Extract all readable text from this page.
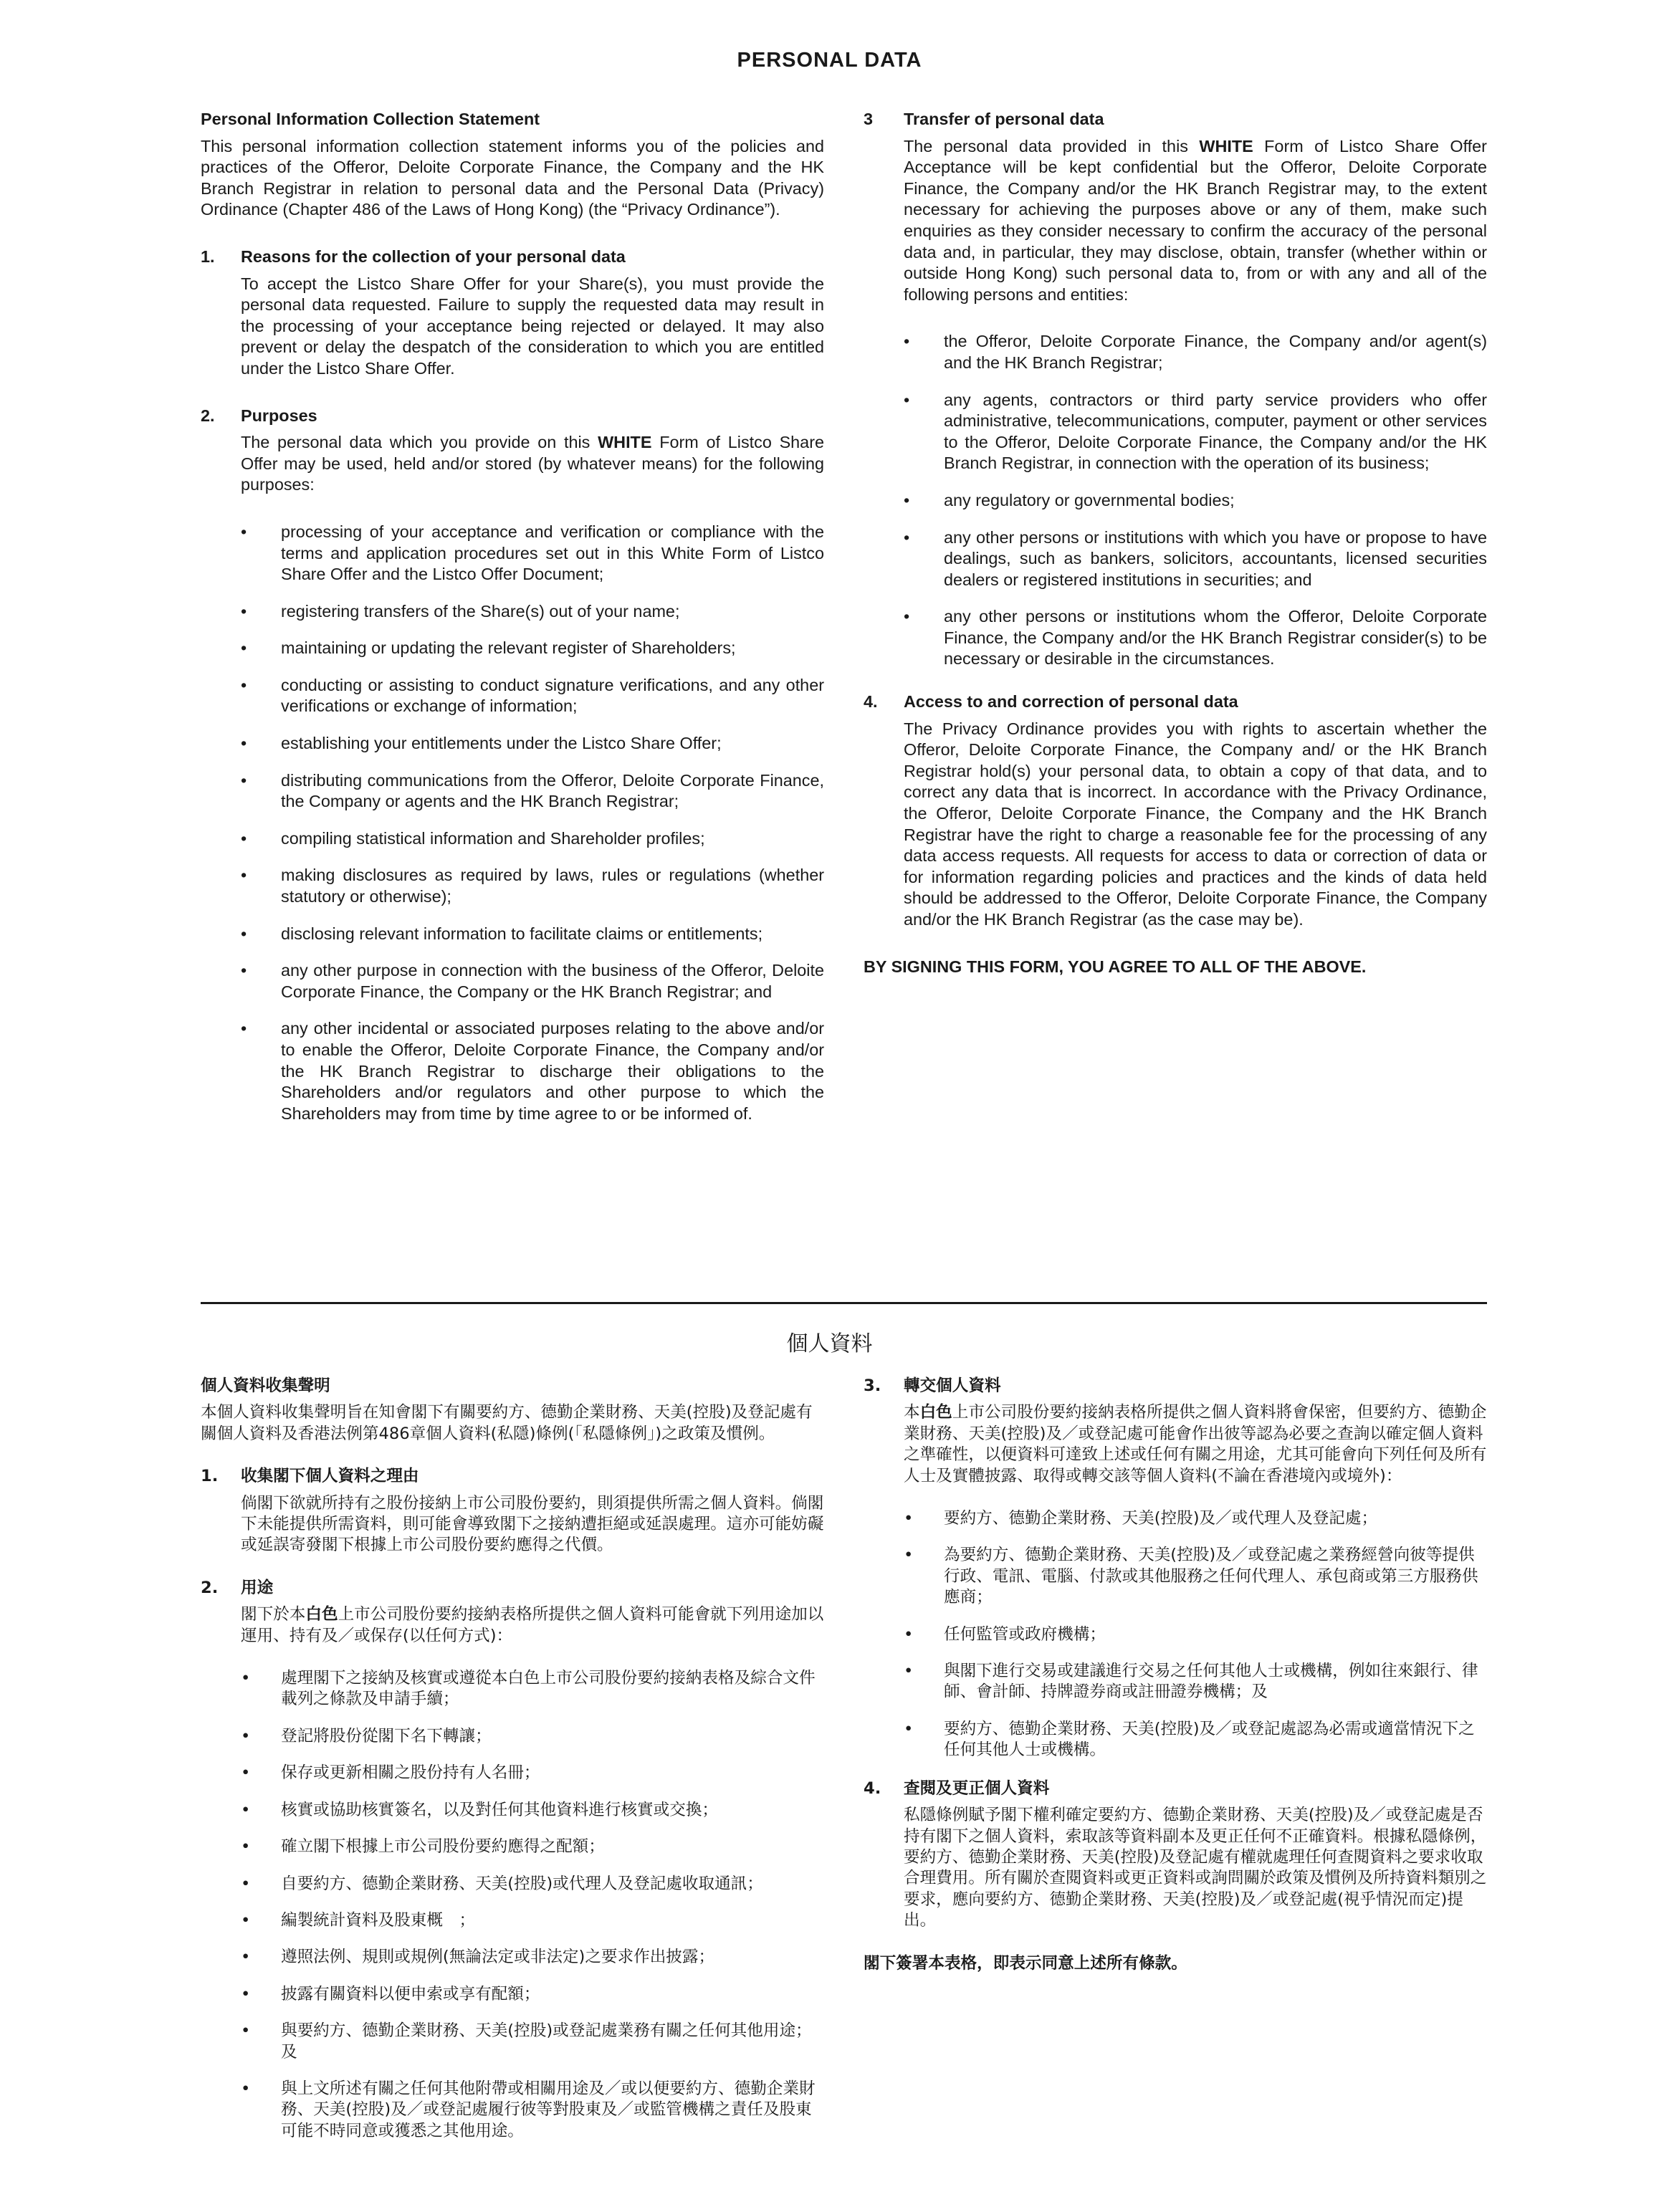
PERSONAL DATA
Personal Information Collection Statement

This personal information collection statement informs you of the policies and practices of the Offeror, Deloite Corporate Finance, the Company and the HK Branch Registrar in relation to personal data and the Personal Data (Privacy) Ordinance (Chapter 486 of the Laws of Hong Kong) (the “Privacy Ordinance”).

1.	Reasons for the collection of your personal data

To accept the Listco Share Offer for your Share(s), you must provide the personal data requested. Failure to supply the requested data may result in the processing of your acceptance being rejected or delayed. It may also prevent or delay the despatch of the consideration to which you are entitled under the Listco Share Offer.

2.	Purposes

The personal data which you provide on this WHITE Form of Listco Share Offer may be used, held and/or stored (by whatever means) for the following purposes:

• processing of your acceptance and verification or compliance with the terms and application procedures set out in this White Form of Listco Share Offer and the Listco Offer Document;
• registering transfers of the Share(s) out of your name;
• maintaining or updating the relevant register of Shareholders;
• conducting or assisting to conduct signature verifications, and any other verifications or exchange of information;
• establishing your entitlements under the Listco Share Offer;
• distributing communications from the Offeror, Deloite Corporate Finance, the Company or agents and the HK Branch Registrar;
• compiling statistical information and Shareholder profiles;
• making disclosures as required by laws, rules or regulations (whether statutory or otherwise);
• disclosing relevant information to facilitate claims or entitlements;
• any other purpose in connection with the business of the Offeror, Deloite Corporate Finance, the Company or the HK Branch Registrar; and
• any other incidental or associated purposes relating to the above and/or to enable the Offeror, Deloite Corporate Finance, the Company and/or the HK Branch Registrar to discharge their obligations to the Shareholders and/or regulators and other purpose to which the Shareholders may from time by time agree to or be informed of.
3	Transfer of personal data

The personal data provided in this WHITE Form of Listco Share Offer Acceptance will be kept confidential but the Offeror, Deloite Corporate Finance, the Company and/or the HK Branch Registrar may, to the extent necessary for achieving the purposes above or any of them, make such enquiries as they consider necessary to confirm the accuracy of the personal data and, in particular, they may disclose, obtain, transfer (whether within or outside Hong Kong) such personal data to, from or with any and all of the following persons and entities:

• the Offeror, Deloite Corporate Finance, the Company and/or agent(s) and the HK Branch Registrar;
• any agents, contractors or third party service providers who offer administrative, telecommunications, computer, payment or other services to the Offeror, Deloite Corporate Finance, the Company and/or the HK Branch Registrar, in connection with the operation of its business;
• any regulatory or governmental bodies;
• any other persons or institutions with which you have or propose to have dealings, such as bankers, solicitors, accountants, licensed securities dealers or registered institutions in securities; and
• any other persons or institutions whom the Offeror, Deloite Corporate Finance, the Company and/or the HK Branch Registrar consider(s) to be necessary or desirable in the circumstances.
4.	Access to and correction of personal data

The Privacy Ordinance provides you with rights to ascertain whether the Offeror, Deloite Corporate Finance, the Company and/ or the HK Branch Registrar hold(s) your personal data, to obtain a copy of that data, and to correct any data that is incorrect. In accordance with the Privacy Ordinance, the Offeror, Deloite Corporate Finance, the Company and the HK Branch Registrar have the right to charge a reasonable fee for the processing of any data access requests. All requests for access to data or correction of data or for information regarding policies and practices and the kinds of data held should be addressed to the Offeror, Deloite Corporate Finance, the Company and/or the HK Branch Registrar (as the case may be).

BY SIGNING THIS FORM, YOU AGREE TO ALL OF THE ABOVE.
個人資料
個人資料收集聲明

本個人資料收集聲明旨在知會閣下有關要約方、德勤企業財務、天美(控股)及登記處有關個人資料及香港法例第486章個人資料(私隱)條例(「私隱條例」)之政策及慣例。

1.	收集閣下個人資料之理由

倘閣下欲就所持有之股份接納上市公司股份要約，則須提供所需之個人資料。倘閣下未能提供所需資料，則可能會導致閣下之接納遭拒絕或延誤處理。這亦可能妨礙或延誤寄發閣下根據上市公司股份要約應得之代價。

2.	用途

閣下於本白色上市公司股份要約接納表格所提供之個人資料可能會就下列用途加以運用、持有及／或保存(以任何方式)：

• 處理閣下之接納及核實或遵從本白色上市公司股份要約接納表格及綜合文件載列之條款及申請手續；
• 登記將股份從閣下名下轉讓；
• 保存或更新相關之股份持有人名冊；
• 核實或協助核實簽名，以及對任何其他資料進行核實或交換；
• 確立閣下根據上市公司股份要約應得之配額；
• 自要約方、德勤企業財務、天美(控股)或代理人及登記處收取通訊；
• 編製統計資料及股東概　；
• 遵照法例、規則或規例(無論法定或非法定)之要求作出披露；
• 披露有關資料以便申索或享有配額；
• 與要約方、德勤企業財務、天美(控股)或登記處業務有關之任何其他用途；及
• 與上文所述有關之任何其他附帶或相關用途及／或以便要約方、德勤企業財務、天美(控股)及／或登記處履行彼等對股東及／或監管機構之責任及股東可能不時同意或獲悉之其他用途。
3.	轉交個人資料

本白色上市公司股份要約接納表格所提供之個人資料將會保密，但要約方、德勤企業財務、天美(控股)及／或登記處可能會作出彼等認為必要之查詢以確定個人資料之準確性，以便資料可達致上述或任何有關之用途，尤其可能會向下列任何及所有人士及實體披露、取得或轉交該等個人資料(不論在香港境內或境外)：

• 要約方、德勤企業財務、天美(控股)及／或代理人及登記處；
• 為要約方、德勤企業財務、天美(控股)及／或登記處之業務經營向彼等提供行政、電訊、電腦、付款或其他服務之任何代理人、承包商或第三方服務供應商；
• 任何監管或政府機構；
• 與閣下進行交易或建議進行交易之任何其他人士或機構，例如往來銀行、律師、會計師、持牌證券商或註冊證券機構；及
• 要約方、德勤企業財務、天美(控股)及／或登記處認為必需或適當情況下之任何其他人士或機構。
4.	查閱及更正個人資料

私隱條例賦予閣下權利確定要約方、德勤企業財務、天美(控股)及／或登記處是否持有閣下之個人資料，索取該等資料副本及更正任何不正確資料。根據私隱條例，要約方、德勤企業財務、天美(控股)及登記處有權就處理任何查閱資料之要求收取合理費用。所有關於查閱資料或更正資料或詢問關於政策及慣例及所持資料類別之要求，應向要約方、德勤企業財務、天美(控股)及／或登記處(視乎情況而定)提出。

閣下簽署本表格，即表示同意上述所有條款。
